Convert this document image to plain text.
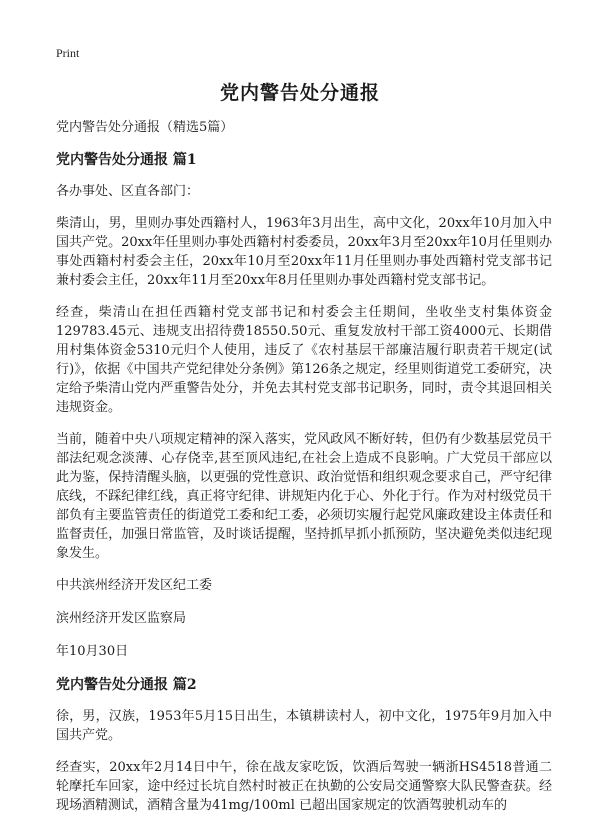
Print
党内警告处分通报

党内警告处分通报（精选5篇）

党内警告处分通报 篇1

各办事处、区直各部门：

柴清山，男，里则办事处西籍村人，1963年3月出生，高中文化，20xx年10月加入中国共产党。20xx年任里则办事处西籍村村委委员，20xx年3月至20xx年10月任里则办事处西籍村村委会主任，20xx年10月至20xx年11月任里则办事处西籍村党支部书记兼村委会主任，20xx年11月至20xx年8月任里则办事处西籍村党支部书记。

经查，柴清山在担任西籍村党支部书记和村委会主任期间，坐收坐支村集体资金129783.45元、违规支出招待费18550.50元、重复发放村干部工资4000元、长期借用村集体资金5310元归个人使用，违反了《农村基层干部廉洁履行职责若干规定(试行)》，依据《中国共产党纪律处分条例》第126条之规定，经里则街道党工委研究，决定给予柴清山党内严重警告处分，并免去其村党支部书记职务，同时，责令其退回相关违规资金。

当前，随着中央八项规定精神的深入落实，党风政风不断好转，但仍有少数基层党员干部法纪观念淡薄、心存侥幸,甚至顶风违纪,在社会上造成不良影响。广大党员干部应以此为鉴，保持清醒头脑，以更强的党性意识、政治觉悟和组织观念要求自己，严守纪律底线，不踩纪律红线，真正将守纪律、讲规矩内化于心、外化于行。作为对村级党员干部负有主要监管责任的街道党工委和纪工委，必须切实履行起党风廉政建设主体责任和监督责任，加强日常监管，及时谈话提醒，坚持抓早抓小抓预防，坚决避免类似违纪现象发生。

中共滨州经济开发区纪工委

滨州经济开发区监察局

年10月30日

党内警告处分通报 篇2

徐，男，汉族，1953年5月15日出生，本镇耕读村人，初中文化，1975年9月加入中国共产党。

经查实，20xx年2月14日中午，徐在战友家吃饭，饮酒后驾驶一辆浙HS4518普通二轮摩托车回家，途中经过长坑自然村时被正在执勤的公安局交通警察大队民警查获。经现场酒精测试，酒精含量为41mg/100ml 已超出国家规定的饮酒驾驶机动车的
